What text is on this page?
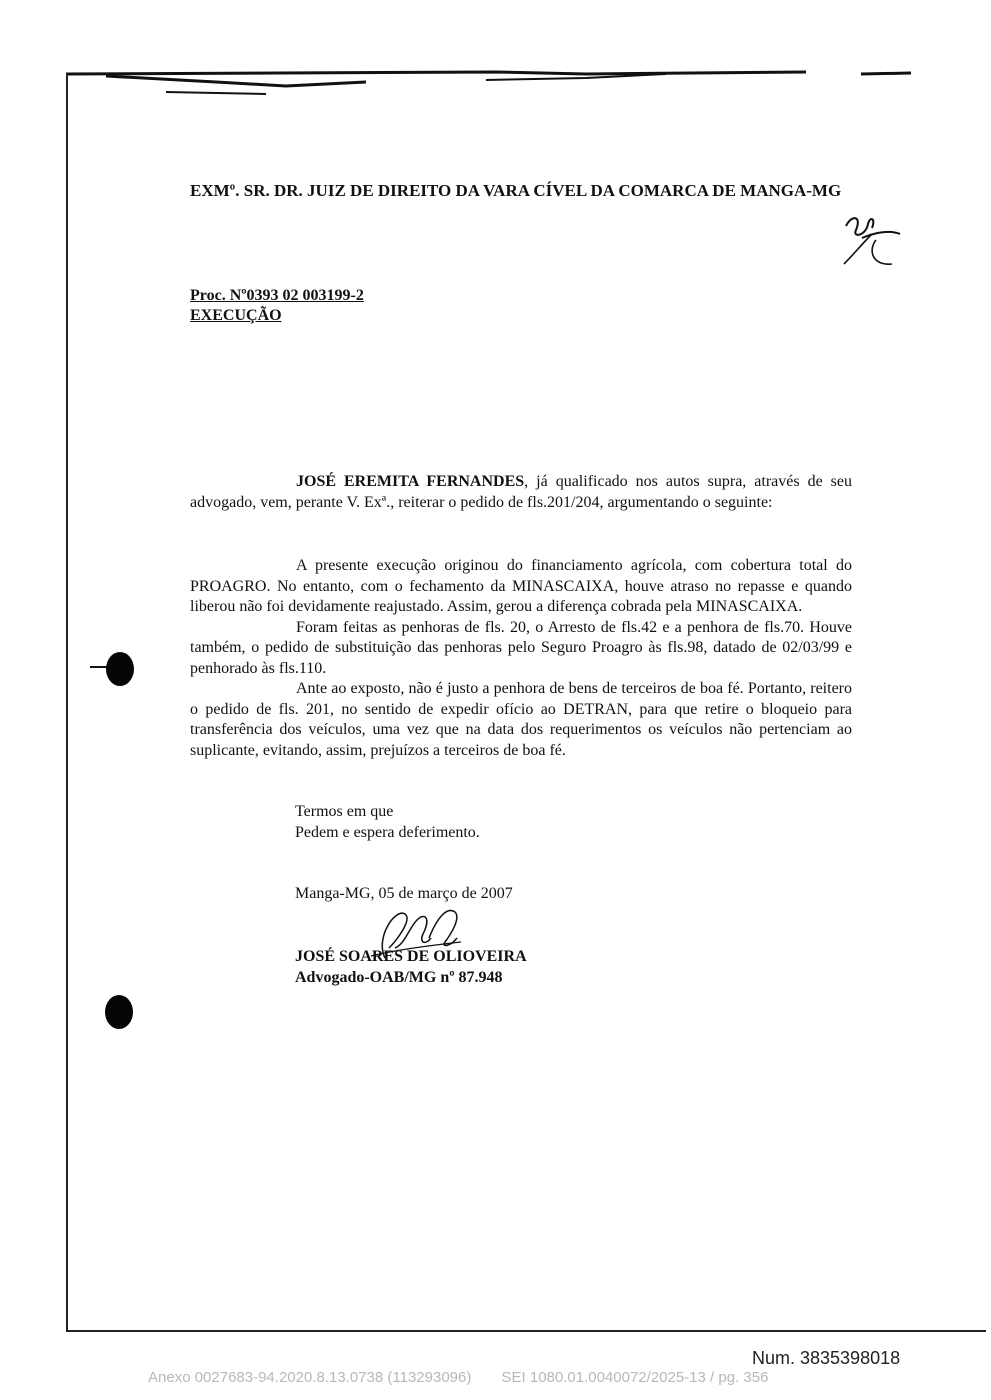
EXMº. SR. DR. JUIZ DE DIREITO DA VARA CÍVEL DA COMARCA DE MANGA-MG
Proc. Nº0393 02 003199-2
EXECUÇÃO

JOSÉ EREMITA FERNANDES, já qualificado nos autos supra, através de seu advogado, vem, perante V. Exª., reiterar o pedido de fls.201/204, argumentando o seguinte:

A presente execução originou do financiamento agrícola, com cobertura total do PROAGRO. No entanto, com o fechamento da MINASCAIXA, houve atraso no repasse e quando liberou não foi devidamente reajustado. Assim, gerou a diferença cobrada pela MINASCAIXA.

Foram feitas as penhoras de fls. 20, o Arresto de fls.42 e a penhora de fls.70. Houve também, o pedido de substituição das penhoras pelo Seguro Proagro às fls.98, datado de 02/03/99 e penhorado às fls.110.

Ante ao exposto, não é justo a penhora de bens de terceiros de boa fé. Portanto, reitero o pedido de fls. 201, no sentido de expedir ofício ao DETRAN, para que retire o bloqueio para transferência dos veículos, uma vez que na data dos requerimentos os veículos não pertenciam ao suplicante, evitando, assim, prejuízos a terceiros de boa fé.

Termos em que
Pedem e espera deferimento.
Manga-MG, 05 de março de 2007
JOSÉ SOARES DE OLIOVEIRA
Advogado-OAB/MG nº 87.948
Num. 3835398018
Anexo 0027683-94.2020.8.13.0738 (113293096) SEI 1080.01.0040072/2025-13 / pg. 356
